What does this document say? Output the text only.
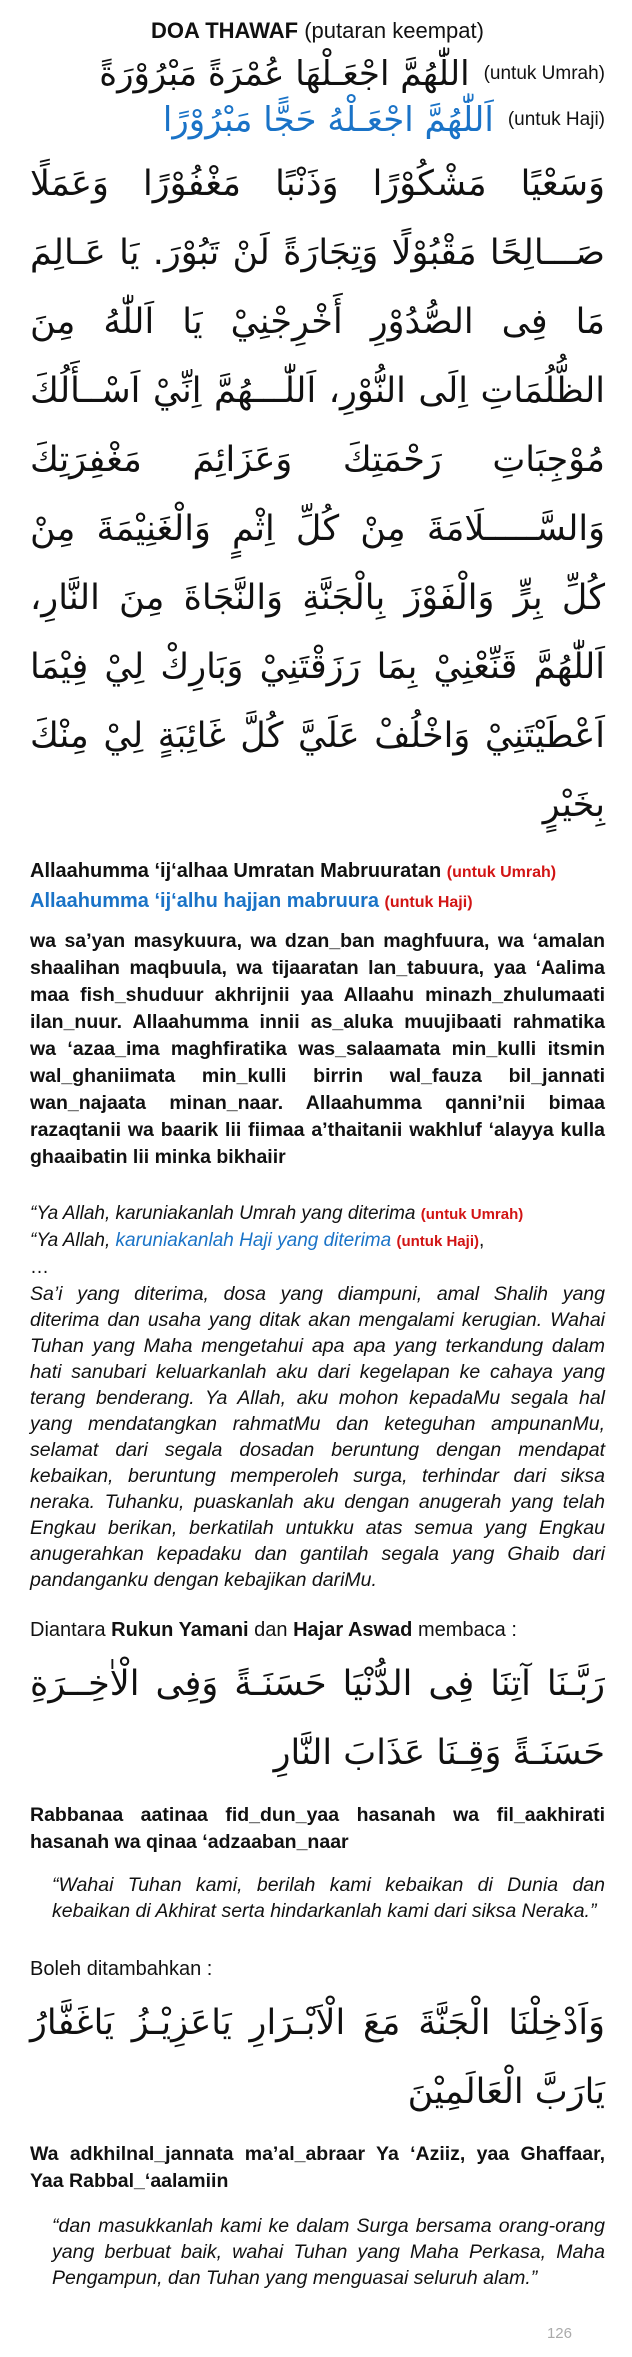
DOA THAWAF (putaran keempat)
اللّٰهُمَّ اجْعَـلْهَا عُمْرَةً مَبْرُوْرَةً (untuk Umrah)
اَللّٰهُمَّ اجْعَـلْهُ حَجًّا مَبْرُوْرًا (untuk Haji)
وَسَعْيًا مَشْكُوْرًا وَذَنْبًا مَغْفُوْرًا وَعَمَلًا صَـــالِحًا مَقْبُوْلًا وَتِجَارَةً لَنْ تَبُوْرَ. يَا عَـالِمَ مَا فِى الصُّدُوْرِ أَخْرِجْنِيْ يَا اَللّٰهُ مِنَ الظُّلُمَاتِ اِلَى النُّوْرِ، اَللّٰـــهُمَّ اِنِّيْ اَسْــأَلُكَ مُوْجِبَاتِ رَحْمَتِكَ وَعَزَائِمَ مَغْفِرَتِكَ وَالسَّـــــلَامَةَ مِنْ كُلِّ اِثْمٍ وَالْغَنِيْمَةَ مِنْ كُلِّ بِرٍّ وَالْفَوْزَ بِالْجَنَّةِ وَالنَّجَاةَ مِنَ النَّارِ، اَللّٰهُمَّ قَنِّعْنِيْ بِمَا رَزَقْتَنِيْ وَبَارِكْ لِيْ فِيْمَا اَعْطَيْتَنِيْ وَاخْلُفْ عَلَيَّ كُلَّ غَائِبَةٍ لِيْ مِنْكَ بِخَيْرٍ
Allaahumma ‘ij‘alhaa Umratan Mabruuratan (untuk Umrah)
Allaahumma ‘ij‘alhu hajjan mabruura (untuk Haji)
wa sa’yan masykuura, wa dzan_ban maghfuura, wa ‘amalan shaalihan maqbuula, wa tijaaratan lan_tabuura, yaa ‘Aalima maa fish_shuduur akhrijnii yaa Allaahu minazh_zhulumaati ilan_nuur. Allaahumma innii as_aluka muujibaati rahmatika wa ‘azaa_ima maghfiratika was_salaamata min_kulli itsmin wal_ghaniimata min_kulli birrin wal_fauza bil_jannati wan_najaata minan_naar. Allaahumma qanni’nii bimaa razaqtanii wa baarik lii fiimaa a’thaitanii wakhluf ‘alayya kulla ghaaibatin lii minka bikhaiir
“Ya Allah, karuniakanlah Umrah yang diterima (untuk Umrah)
“Ya Allah, karuniakanlah Haji yang diterima (untuk Haji),
…
Sa’i yang diterima, dosa yang diampuni, amal Shalih yang diterima dan usaha yang ditak akan mengalami kerugian. Wahai Tuhan yang Maha mengetahui apa apa yang terkandung dalam hati sanubari keluarkanlah aku dari kegelapan ke cahaya yang terang benderang. Ya Allah, aku mohon kepadaMu segala hal yang mendatangkan rahmatMu dan keteguhan ampunanMu, selamat dari segala dosadan beruntung dengan mendapat kebaikan, beruntung memperoleh surga, terhindar dari siksa neraka. Tuhanku, puaskanlah aku dengan anugerah yang telah Engkau berikan, berkatilah untukku atas semua yang Engkau anugerahkan kepadaku dan gantilah segala yang Ghaib dari pandanganku dengan kebajikan dariMu.
Diantara Rukun Yamani dan Hajar Aswad membaca :
رَبَّـنَا آتِنَا فِى الدُّنْيَا حَسَنَـةً وَفِى الْاٰخِــرَةِ حَسَنَـةً وَقِـنَا عَذَابَ النَّارِ
Rabbanaa aatinaa fid_dun_yaa hasanah wa fil_aakhirati hasanah wa qinaa ‘adzaaban_naar
“Wahai Tuhan kami, berilah kami kebaikan di Dunia dan kebaikan di Akhirat serta hindarkanlah kami dari siksa Neraka.”
Boleh ditambahkan :
وَاَدْخِلْنَا الْجَنَّةَ مَعَ الْاَبْـرَارِ يَاعَزِيْـزُ يَاغَفَّارُ يَارَبَّ الْعَالَمِيْنَ
Wa adkhilnal_jannata ma’al_abraar Ya ‘Aziiz, yaa Ghaffaar, Yaa Rabbal_‘aalamiin
“dan masukkanlah kami ke dalam Surga bersama orang-orang yang berbuat baik, wahai Tuhan yang Maha Perkasa, Maha Pengampun, dan Tuhan yang menguasai seluruh alam.”
126
